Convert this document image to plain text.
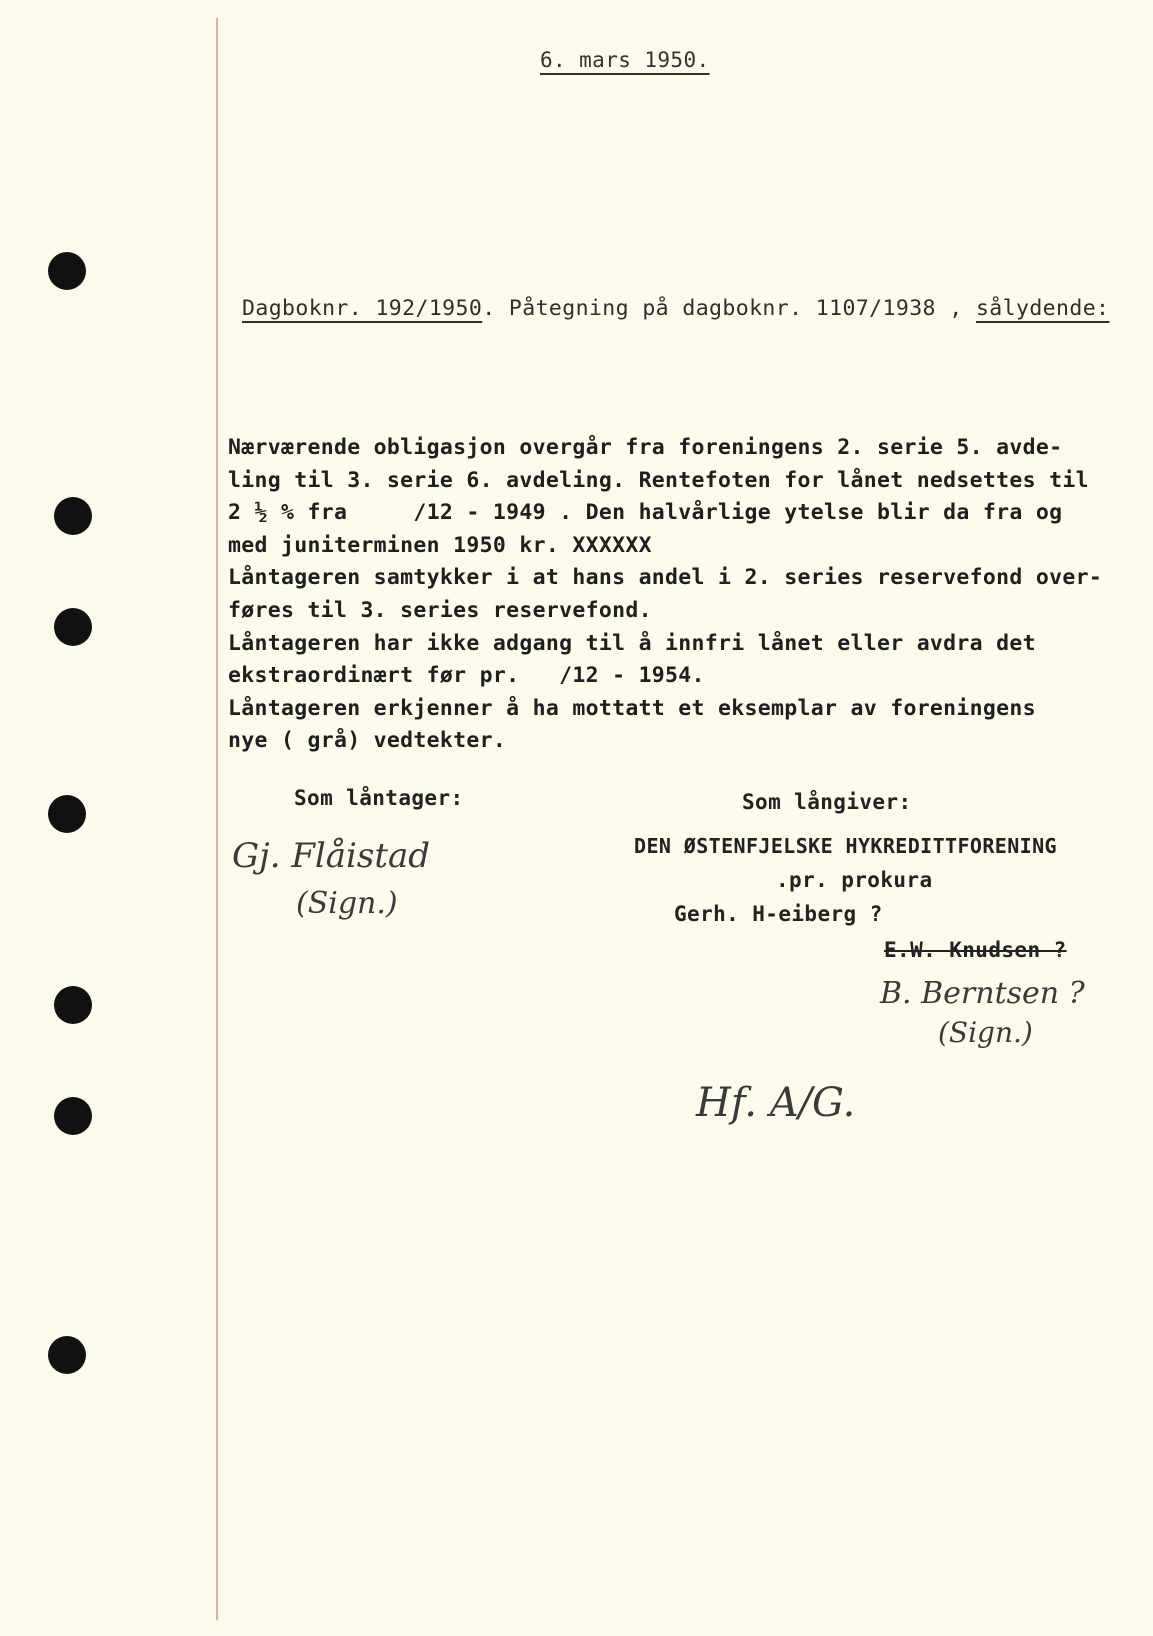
6. mars 1950.
Dagboknr. 192/1950. Påtegning på dagboknr. 1107/1938 , sålydende:
Nærværende obligasjon overgår fra foreningens 2. serie 5. avde-
ling til 3. serie 6. avdeling. Rentefoten for lånet nedsettes til
2 ½ % fra     /12 - 1949 . Den halvårlige ytelse blir da fra og
med juniterminen 1950 kr. XXXXXX
Låntageren samtykker i at hans andel i 2. series reservefond over-
føres til 3. series reservefond.
Låntageren har ikke adgang til å innfri lånet eller avdra det
ekstraordinært før pr.   /12 - 1954.
Låntageren erkjenner å ha mottatt et eksemplar av foreningens
nye ( grå) vedtekter.
Som låntager:	Som långiver:
DEN ØSTENFJELSKE HYKREDITTFORENING
.pr. prokura
Gerh. H-eiberg ?
E.W. Knudsen ?
Gj. Flåistad
(Sign.)
B. Berntsen ?
(Sign.)
Hf. A/G.
